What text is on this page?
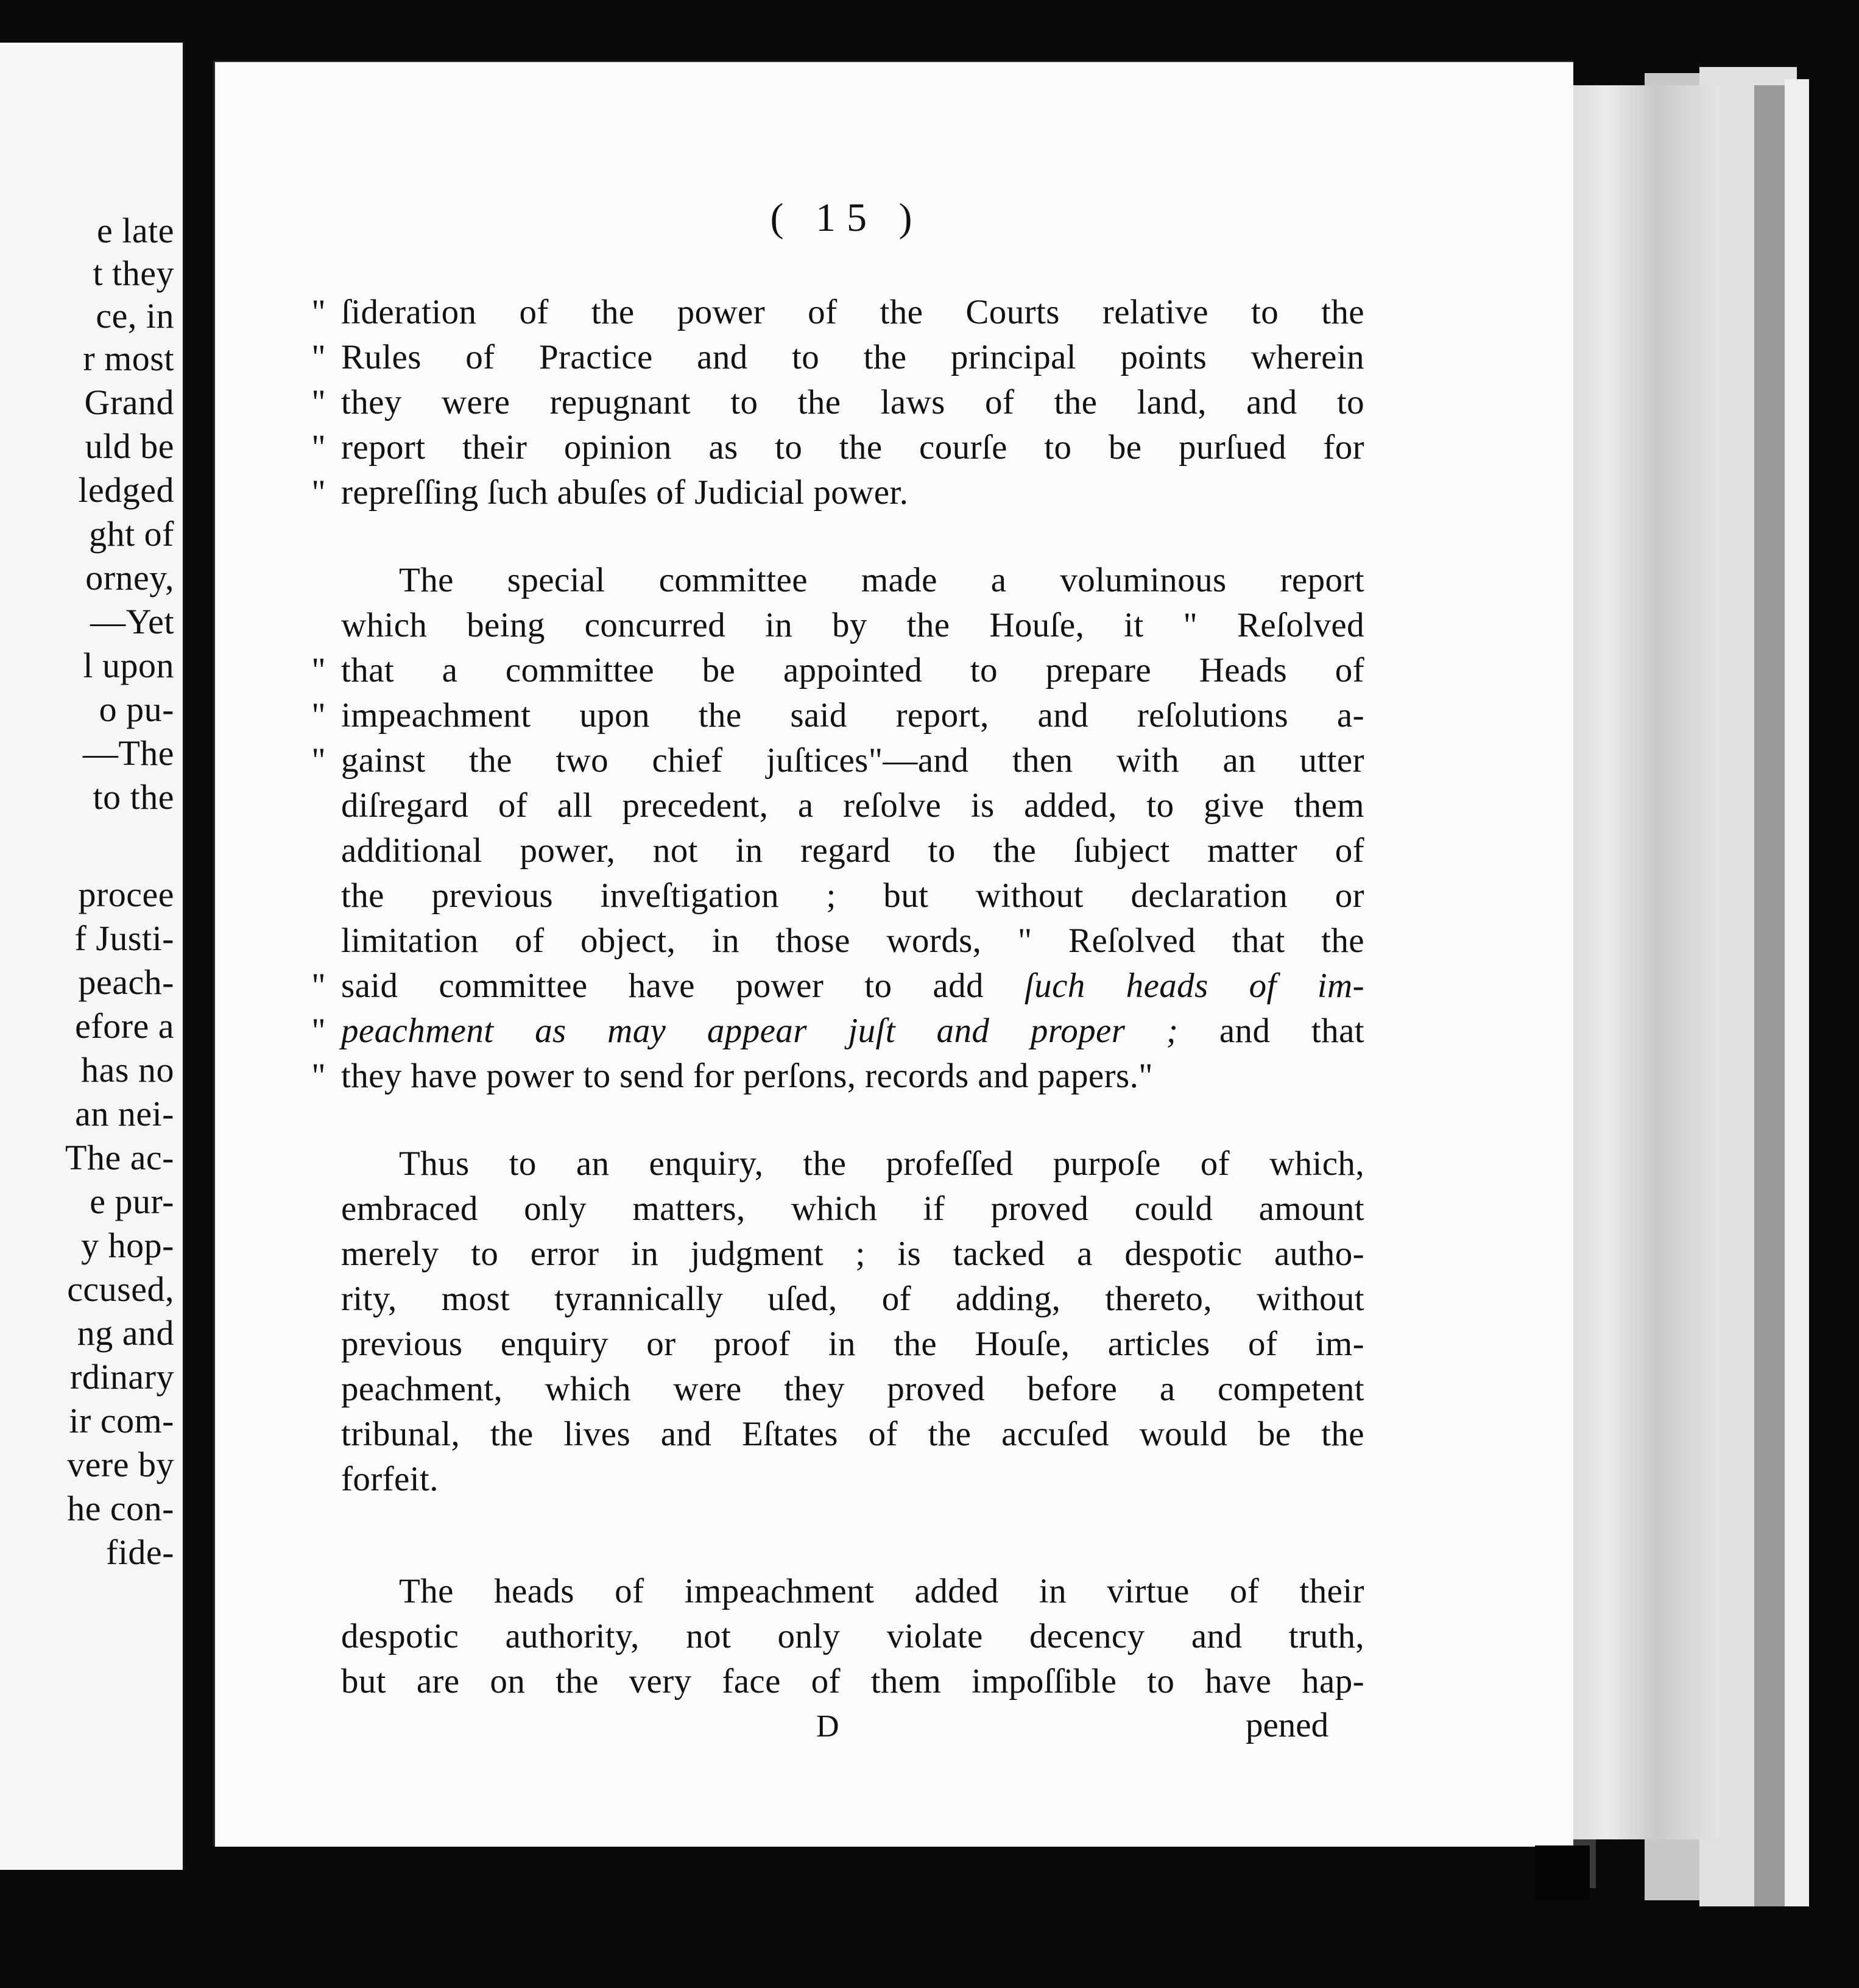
e late
t they
ce, in
r most
Grand
uld be
ledged
ght of
orney,
—Yet
l upon
o pu-
—The
to the
procee
f Justi-
peach-
efore a
has no
an nei-
The ac-
e pur-
y hop-
ccused,
ng and
rdinary
ir com-
vere by
he con-
fide-
( 15 )
" ſideration of the power of the Courts relative to the
" Rules of Practice and to the principal points wherein
" they were repugnant to the laws of the land, and to
" report their opinion as to the courſe to be purſued for
" repreſſing ſuch abuſes of Judicial power.
The special committee made a voluminous report
which being concurred in by the Houſe, it " Reſolved
" that a committee be appointed to prepare Heads of
" impeachment upon the said report, and reſolutions a-
" gainst the two chief juſtices"—and then with an utter
diſregard of all precedent, a reſolve is added, to give them
additional power, not in regard to the ſubject matter of
the previous inveſtigation ; but without declaration or
limitation of object, in those words, " Reſolved that the
" said committee have power to add ſuch heads of im-
" peachment as may appear juſt and proper ; and that
" they have power to send for perſons, records and papers."
Thus to an enquiry, the profeſſed purpoſe of which,
embraced only matters, which if proved could amount
merely to error in judgment ; is tacked a despotic autho-
rity, most tyrannically uſed, of adding, thereto, without
previous enquiry or proof in the Houſe, articles of im-
peachment, which were they proved before a competent
tribunal, the lives and Eſtates of the accuſed would be the
forfeit.
The heads of impeachment added in virtue of their
despotic authority, not only violate decency and truth,
but are on the very face of them impoſſible to have hap-
D	pened
